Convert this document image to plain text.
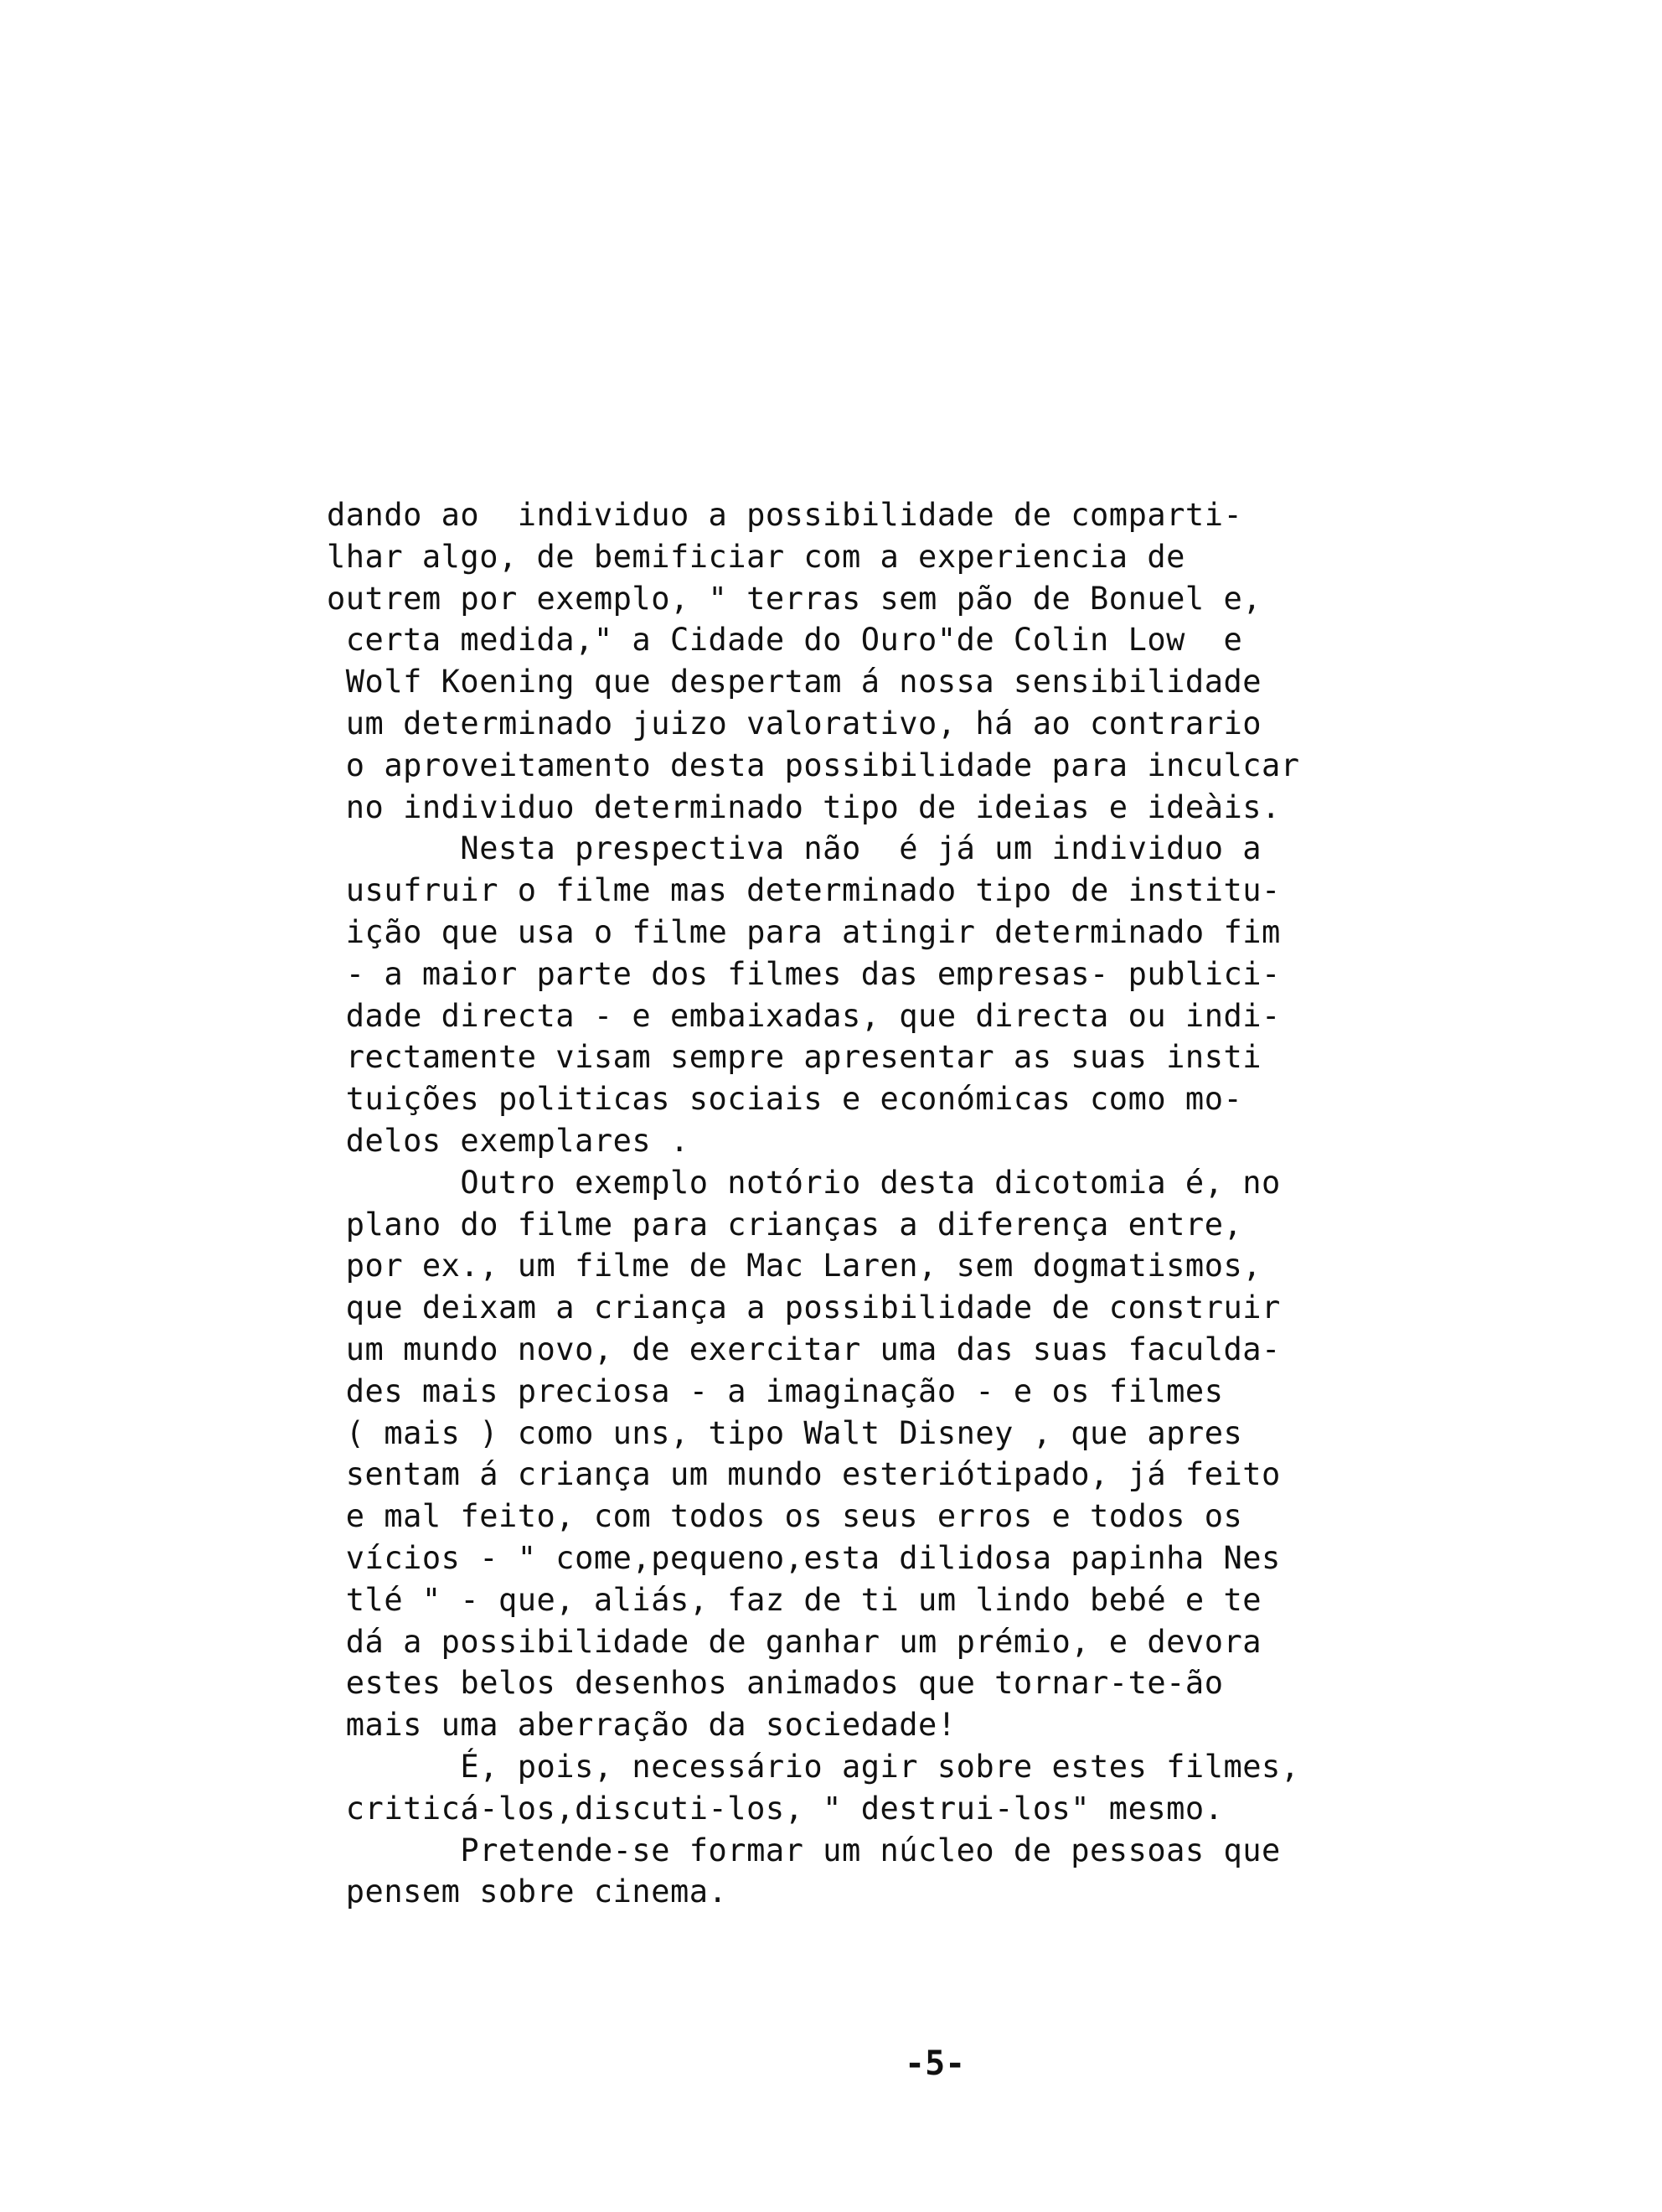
dando ao  individuo a possibilidade de comparti-
lhar algo, de bemificiar com a experiencia de
outrem por exemplo, " terras sem pão de Bonuel e,
certa medida," a Cidade do Ouro"de Colin Low  e
Wolf Koening que despertam á nossa sensibilidade
um determinado juizo valorativo, há ao contrario
o aproveitamento desta possibilidade para inculcar
no individuo determinado tipo de ideias e ideàis.
Nesta prespectiva não  é já um individuo a
usufruir o filme mas determinado tipo de institu-
ição que usa o filme para atingir determinado fim
- a maior parte dos filmes das empresas- publici-
dade directa - e embaixadas, que directa ou indi-
rectamente visam sempre apresentar as suas insti
tuições politicas sociais e económicas como mo-
delos exemplares .
Outro exemplo notório desta dicotomia é, no
plano do filme para crianças a diferença entre,
por ex., um filme de Mac Laren, sem dogmatismos,
que deixam a criança a possibilidade de construir
um mundo novo, de exercitar uma das suas faculda-
des mais preciosa - a imaginação - e os filmes
( mais ) como uns, tipo Walt Disney , que apres
sentam á criança um mundo esteriótipado, já feito
e mal feito, com todos os seus erros e todos os
vícios - " come,pequeno,esta dilidosa papinha Nes
tlé " - que, aliás, faz de ti um lindo bebé e te
dá a possibilidade de ganhar um prémio, e devora
estes belos desenhos animados que tornar-te-ão
mais uma aberração da sociedade!
É, pois, necessário agir sobre estes filmes,
criticá-los,discuti-los, " destrui-los" mesmo.
Pretende-se formar um núcleo de pessoas que
pensem sobre cinema.
-5-
